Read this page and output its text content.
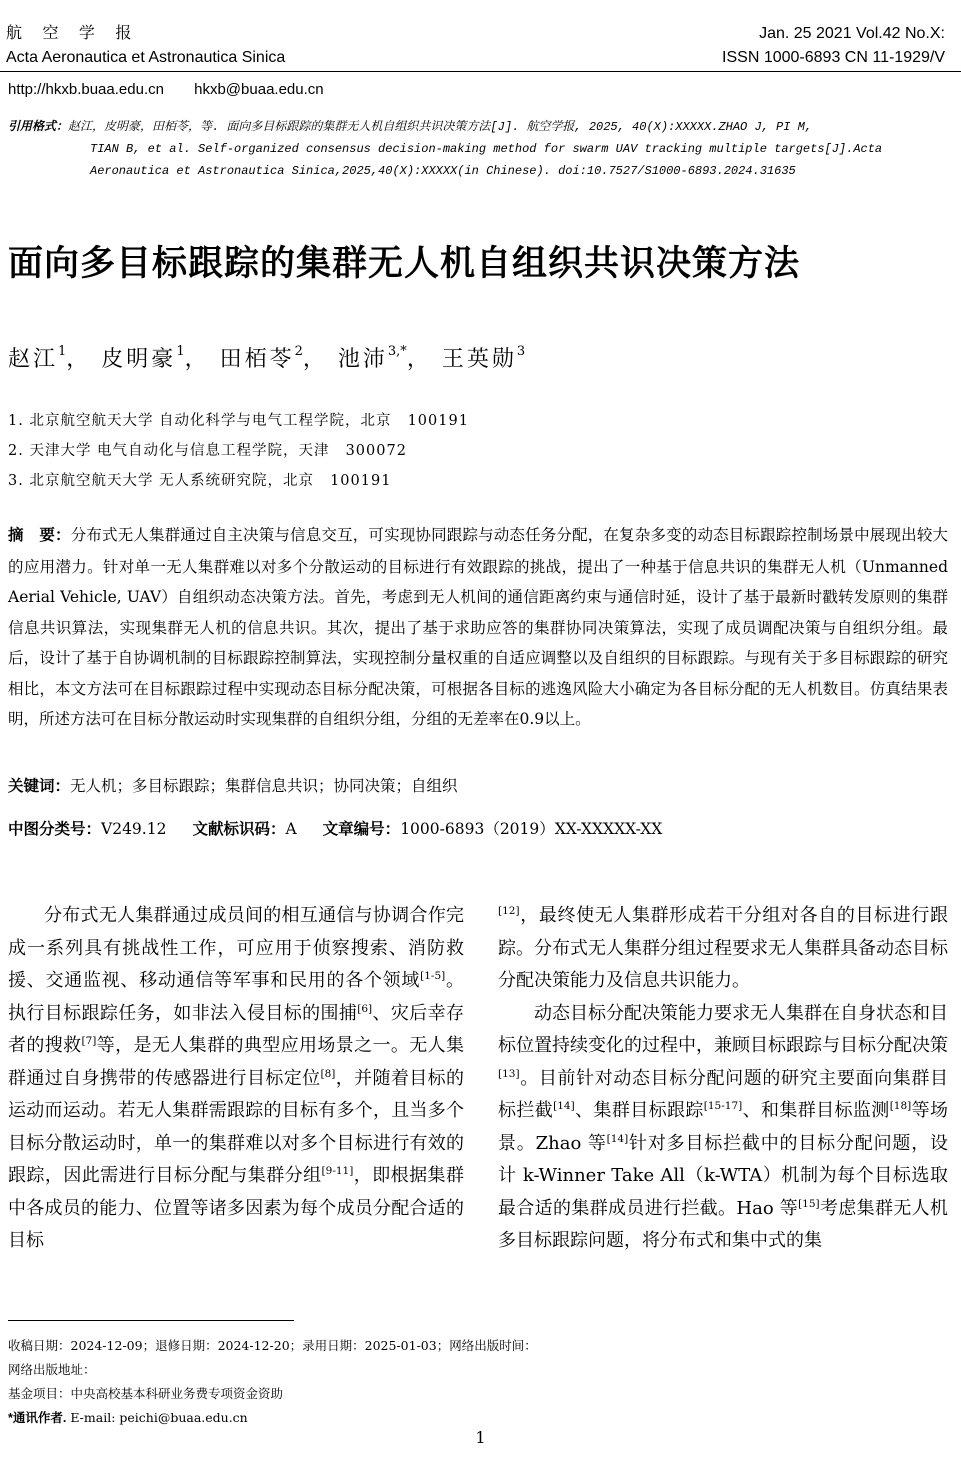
航 空 学 报
Acta Aeronautica et Astronautica Sinica
Jan. 25 2021 Vol.42 No.X:
ISSN 1000-6893 CN 11-1929/V
http://hkxb.buaa.edu.cn hkxb@buaa.edu.cn
引用格式：赵江，皮明豪，田栢苓，等. 面向多目标跟踪的集群无人机自组织共识决策方法[J]. 航空学报, 2025, 40(X):XXXXX.ZHAO J, PI M,
TIAN B, et al. Self-organized consensus decision-making method for swarm UAV tracking multiple targets[J].Acta
Aeronautica et Astronautica Sinica,2025,40(X):XXXXX(in Chinese). doi:10.7527/S1000-6893.2024.31635
面向多目标跟踪的集群无人机自组织共识决策方法
赵江$^1$， 皮明豪$^1$， 田栢苓$^2$， 池沛$^{3,*}$， 王英勋$^3$
1. 北京航空航天大学 自动化科学与电气工程学院，北京 100191
2. 天津大学 电气自动化与信息工程学院，天津 300072
3. 北京航空航天大学 无人系统研究院，北京 100191
摘　要：分布式无人集群通过自主决策与信息交互，可实现协同跟踪与动态任务分配，在复杂多变的动态目标跟踪控制场景中展现出较大的应用潜力。针对单一无人集群难以对多个分散运动的目标进行有效跟踪的挑战，提出了一种基于信息共识的集群无人机（Unmanned Aerial Vehicle, UAV）自组织动态决策方法。首先，考虑到无人机间的通信距离约束与通信时延，设计了基于最新时戳转发原则的集群信息共识算法，实现集群无人机的信息共识。其次，提出了基于求助应答的集群协同决策算法，实现了成员调配决策与自组织分组。最后，设计了基于自协调机制的目标跟踪控制算法，实现控制分量权重的自适应调整以及自组织的目标跟踪。与现有关于多目标跟踪的研究相比，本文方法可在目标跟踪过程中实现动态目标分配决策，可根据各目标的逃逸风险大小确定为各目标分配的无人机数目。仿真结果表明，所述方法可在目标分散运动时实现集群的自组织分组，分组的无差率在0.9以上。
关键词：无人机；多目标跟踪；集群信息共识；协同决策；自组织
中图分类号：V249.12 文献标识码：A 文章编号：1000-6893（2019）XX-XXXXX-XX

分布式无人集群通过成员间的相互通信与协调合作完成一系列具有挑战性工作，可应用于侦察搜索、消防救援、交通监视、移动通信等军事和民用的各个领域[1-5]。执行目标跟踪任务，如非法入侵目标的围捕[6]、灾后幸存者的搜救[7]等，是无人集群的典型应用场景之一。无人集群通过自身携带的传感器进行目标定位[8]，并随着目标的运动而运动。若无人集群需跟踪的目标有多个，且当多个目标分散运动时，单一的集群难以对多个目标进行有效的跟踪，因此需进行目标分配与集群分组[9-11]，即根据集群中各成员的能力、位置等诸多因素为每个成员分配合适的目标

[12]，最终使无人集群形成若干分组对各自的目标进行跟踪。分布式无人集群分组过程要求无人集群具备动态目标分配决策能力及信息共识能力。

动态目标分配决策能力要求无人集群在自身状态和目标位置持续变化的过程中，兼顾目标跟踪与目标分配决策[13]。目前针对动态目标分配问题的研究主要面向集群目标拦截[14]、集群目标跟踪[15-17]、和集群目标监测[18]等场景。Zhao 等[14]针对多目标拦截中的目标分配问题，设计 k-Winner Take All（k-WTA）机制为每个目标选取最合适的集群成员进行拦截。Hao 等[15]考虑集群无人机多目标跟踪问题，将分布式和集中式的集

收稿日期：2024-12-09；退修日期：2024-12-20；录用日期：2025-01-03；网络出版时间：
网络出版地址：
基金项目：中央高校基本科研业务费专项资金资助
*通讯作者. E-mail: peichi@buaa.edu.cn
1
